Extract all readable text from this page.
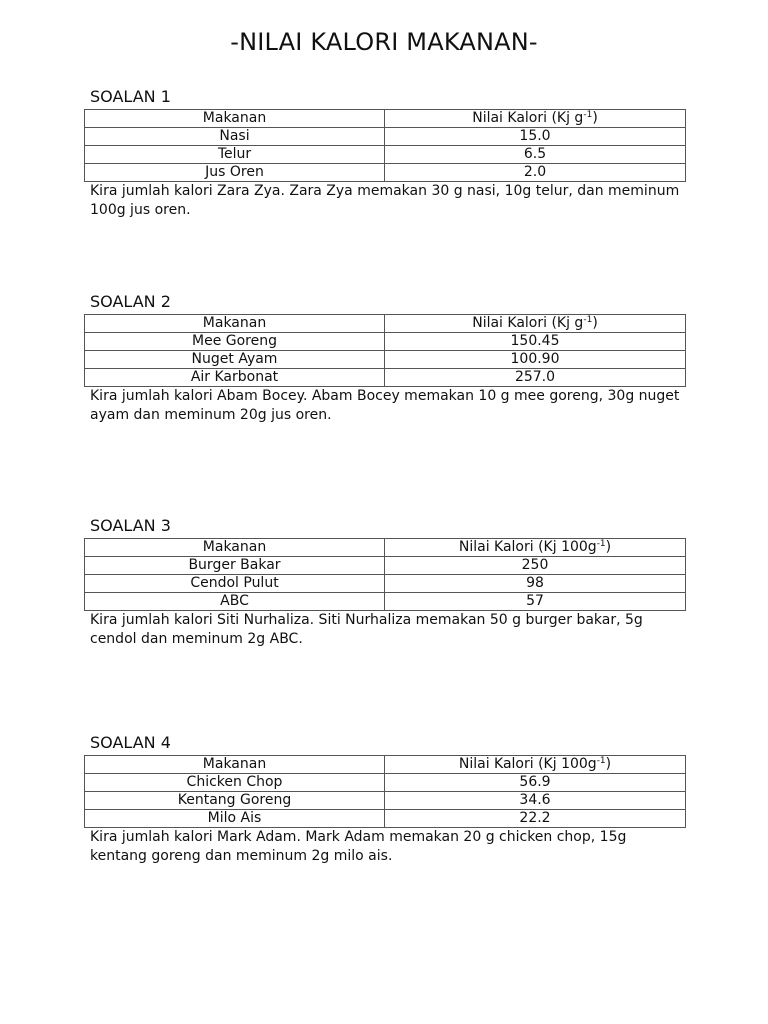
-NILAI KALORI MAKANAN-
SOALAN 1
Makanan	Nilai Kalori (Kj $g^{-1}$)
Nasi	15.0
Telur	6.5
Jus Oren	2.0

Kira jumlah kalori Zara Zya. Zara Zya memakan 30 g nasi, 10g telur, dan meminum 100g jus oren.

SOALAN 2
Makanan	Nilai Kalori (Kj $g^{-1}$)
Mee Goreng	150.45
Nuget Ayam	100.90
Air Karbonat	257.0

Kira jumlah kalori Abam Bocey. Abam Bocey memakan 10 g mee goreng, 30g nuget ayam dan meminum 20g jus oren.

SOALAN 3
Makanan	Nilai Kalori (Kj $100g^{-1}$)
Burger Bakar	250
Cendol Pulut	98
ABC	57

Kira jumlah kalori Siti Nurhaliza. Siti Nurhaliza memakan 50 g burger bakar, 5g cendol dan meminum 2g ABC.

SOALAN 4
Makanan	Nilai Kalori (Kj $100g^{-1}$)
Chicken Chop	56.9
Kentang Goreng	34.6
Milo Ais	22.2

Kira jumlah kalori Mark Adam. Mark Adam memakan 20 g chicken chop, 15g kentang goreng dan meminum 2g milo ais.
